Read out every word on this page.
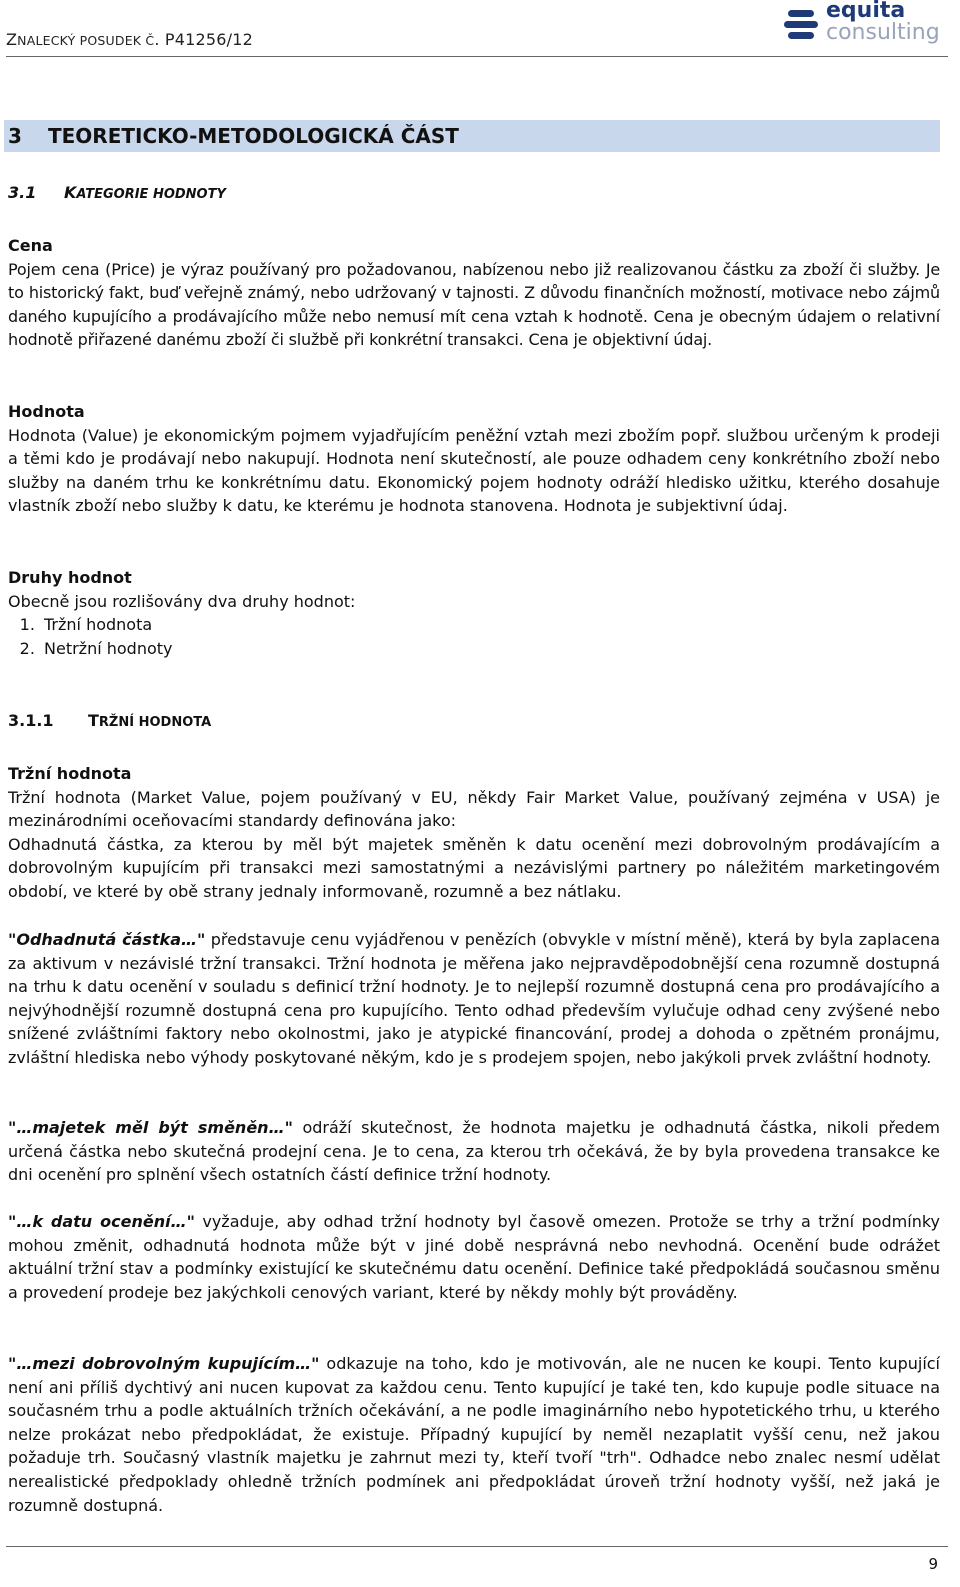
ZNALECKÝ POSUDEK Č. P41256/12
equita
consulting
3 TEORETICKO-METODOLOGICKÁ ČÁST
3.1 KATEGORIE HODNOTY
Cena

Pojem cena (Price) je výraz používaný pro požadovanou, nabízenou nebo již realizovanou částku za zboží či služby. Je to historický fakt, buď veřejně známý, nebo udržovaný v tajnosti. Z důvodu finančních možností, motivace nebo zájmů daného kupujícího a prodávajícího může nebo nemusí mít cena vztah k hodnotě. Cena je obecným údajem o relativní hodnotě přiřazené danému zboží či službě při konkrétní transakci. Cena je objektivní údaj.

Hodnota

Hodnota (Value) je ekonomickým pojmem vyjadřujícím peněžní vztah mezi zbožím popř. službou určeným k prodeji a těmi kdo je prodávají nebo nakupují. Hodnota není skutečností, ale pouze odhadem ceny konkrétního zboží nebo služby na daném trhu ke konkrétnímu datu. Ekonomický pojem hodnoty odráží hledisko užitku, kterého dosahuje vlastník zboží nebo služby k datu, ke kterému je hodnota stanovena. Hodnota je subjektivní údaj.

Druhy hodnot
Obecně jsou rozlišovány dva druhy hodnot:
1. Tržní hodnota
2. Netržní hodnoty
3.1.1 TRŽNÍ HODNOTA
Tržní hodnota

Tržní hodnota (Market Value, pojem používaný v EU, někdy Fair Market Value, používaný zejména v USA) je mezinárodními oceňovacími standardy definována jako:

Odhadnutá částka, za kterou by měl být majetek směněn k datu ocenění mezi dobrovolným prodávajícím a dobrovolným kupujícím při transakci mezi samostatnými a nezávislými partnery po náležitém marketingovém období, ve které by obě strany jednaly informovaně, rozumně a bez nátlaku.

"Odhadnutá částka…" představuje cenu vyjádřenou v penězích (obvykle v místní měně), která by byla zaplacena za aktivum v nezávislé tržní transakci. Tržní hodnota je měřena jako nejpravděpodobnější cena rozumně dostupná na trhu k datu ocenění v souladu s definicí tržní hodnoty. Je to nejlepší rozumně dostupná cena pro prodávajícího a nejvýhodnější rozumně dostupná cena pro kupujícího. Tento odhad především vylučuje odhad ceny zvýšené nebo snížené zvláštními faktory nebo okolnostmi, jako je atypické financování, prodej a dohoda o zpětném pronájmu, zvláštní hlediska nebo výhody poskytované někým, kdo je s prodejem spojen, nebo jakýkoli prvek zvláštní hodnoty.

"…majetek měl být směněn…" odráží skutečnost, že hodnota majetku je odhadnutá částka, nikoli předem určená částka nebo skutečná prodejní cena. Je to cena, za kterou trh očekává, že by byla provedena transakce ke dni ocenění pro splnění všech ostatních částí definice tržní hodnoty.

"…k datu ocenění…" vyžaduje, aby odhad tržní hodnoty byl časově omezen. Protože se trhy a tržní podmínky mohou změnit, odhadnutá hodnota může být v jiné době nesprávná nebo nevhodná. Ocenění bude odrážet aktuální tržní stav a podmínky existující ke skutečnému datu ocenění. Definice také předpokládá současnou směnu a provedení prodeje bez jakýchkoli cenových variant, které by někdy mohly být prováděny.

"…mezi dobrovolným kupujícím…" odkazuje na toho, kdo je motivován, ale ne nucen ke koupi. Tento kupující není ani příliš dychtivý ani nucen kupovat za každou cenu. Tento kupující je také ten, kdo kupuje podle situace na současném trhu a podle aktuálních tržních očekávání, a ne podle imaginárního nebo hypotetického trhu, u kterého nelze prokázat nebo předpokládat, že existuje. Případný kupující by neměl nezaplatit vyšší cenu, než jakou požaduje trh. Současný vlastník majetku je zahrnut mezi ty, kteří tvoří "trh". Odhadce nebo znalec nesmí udělat nerealistické předpoklady ohledně tržních podmínek ani předpokládat úroveň tržní hodnoty vyšší, než jaká je rozumně dostupná.

9
